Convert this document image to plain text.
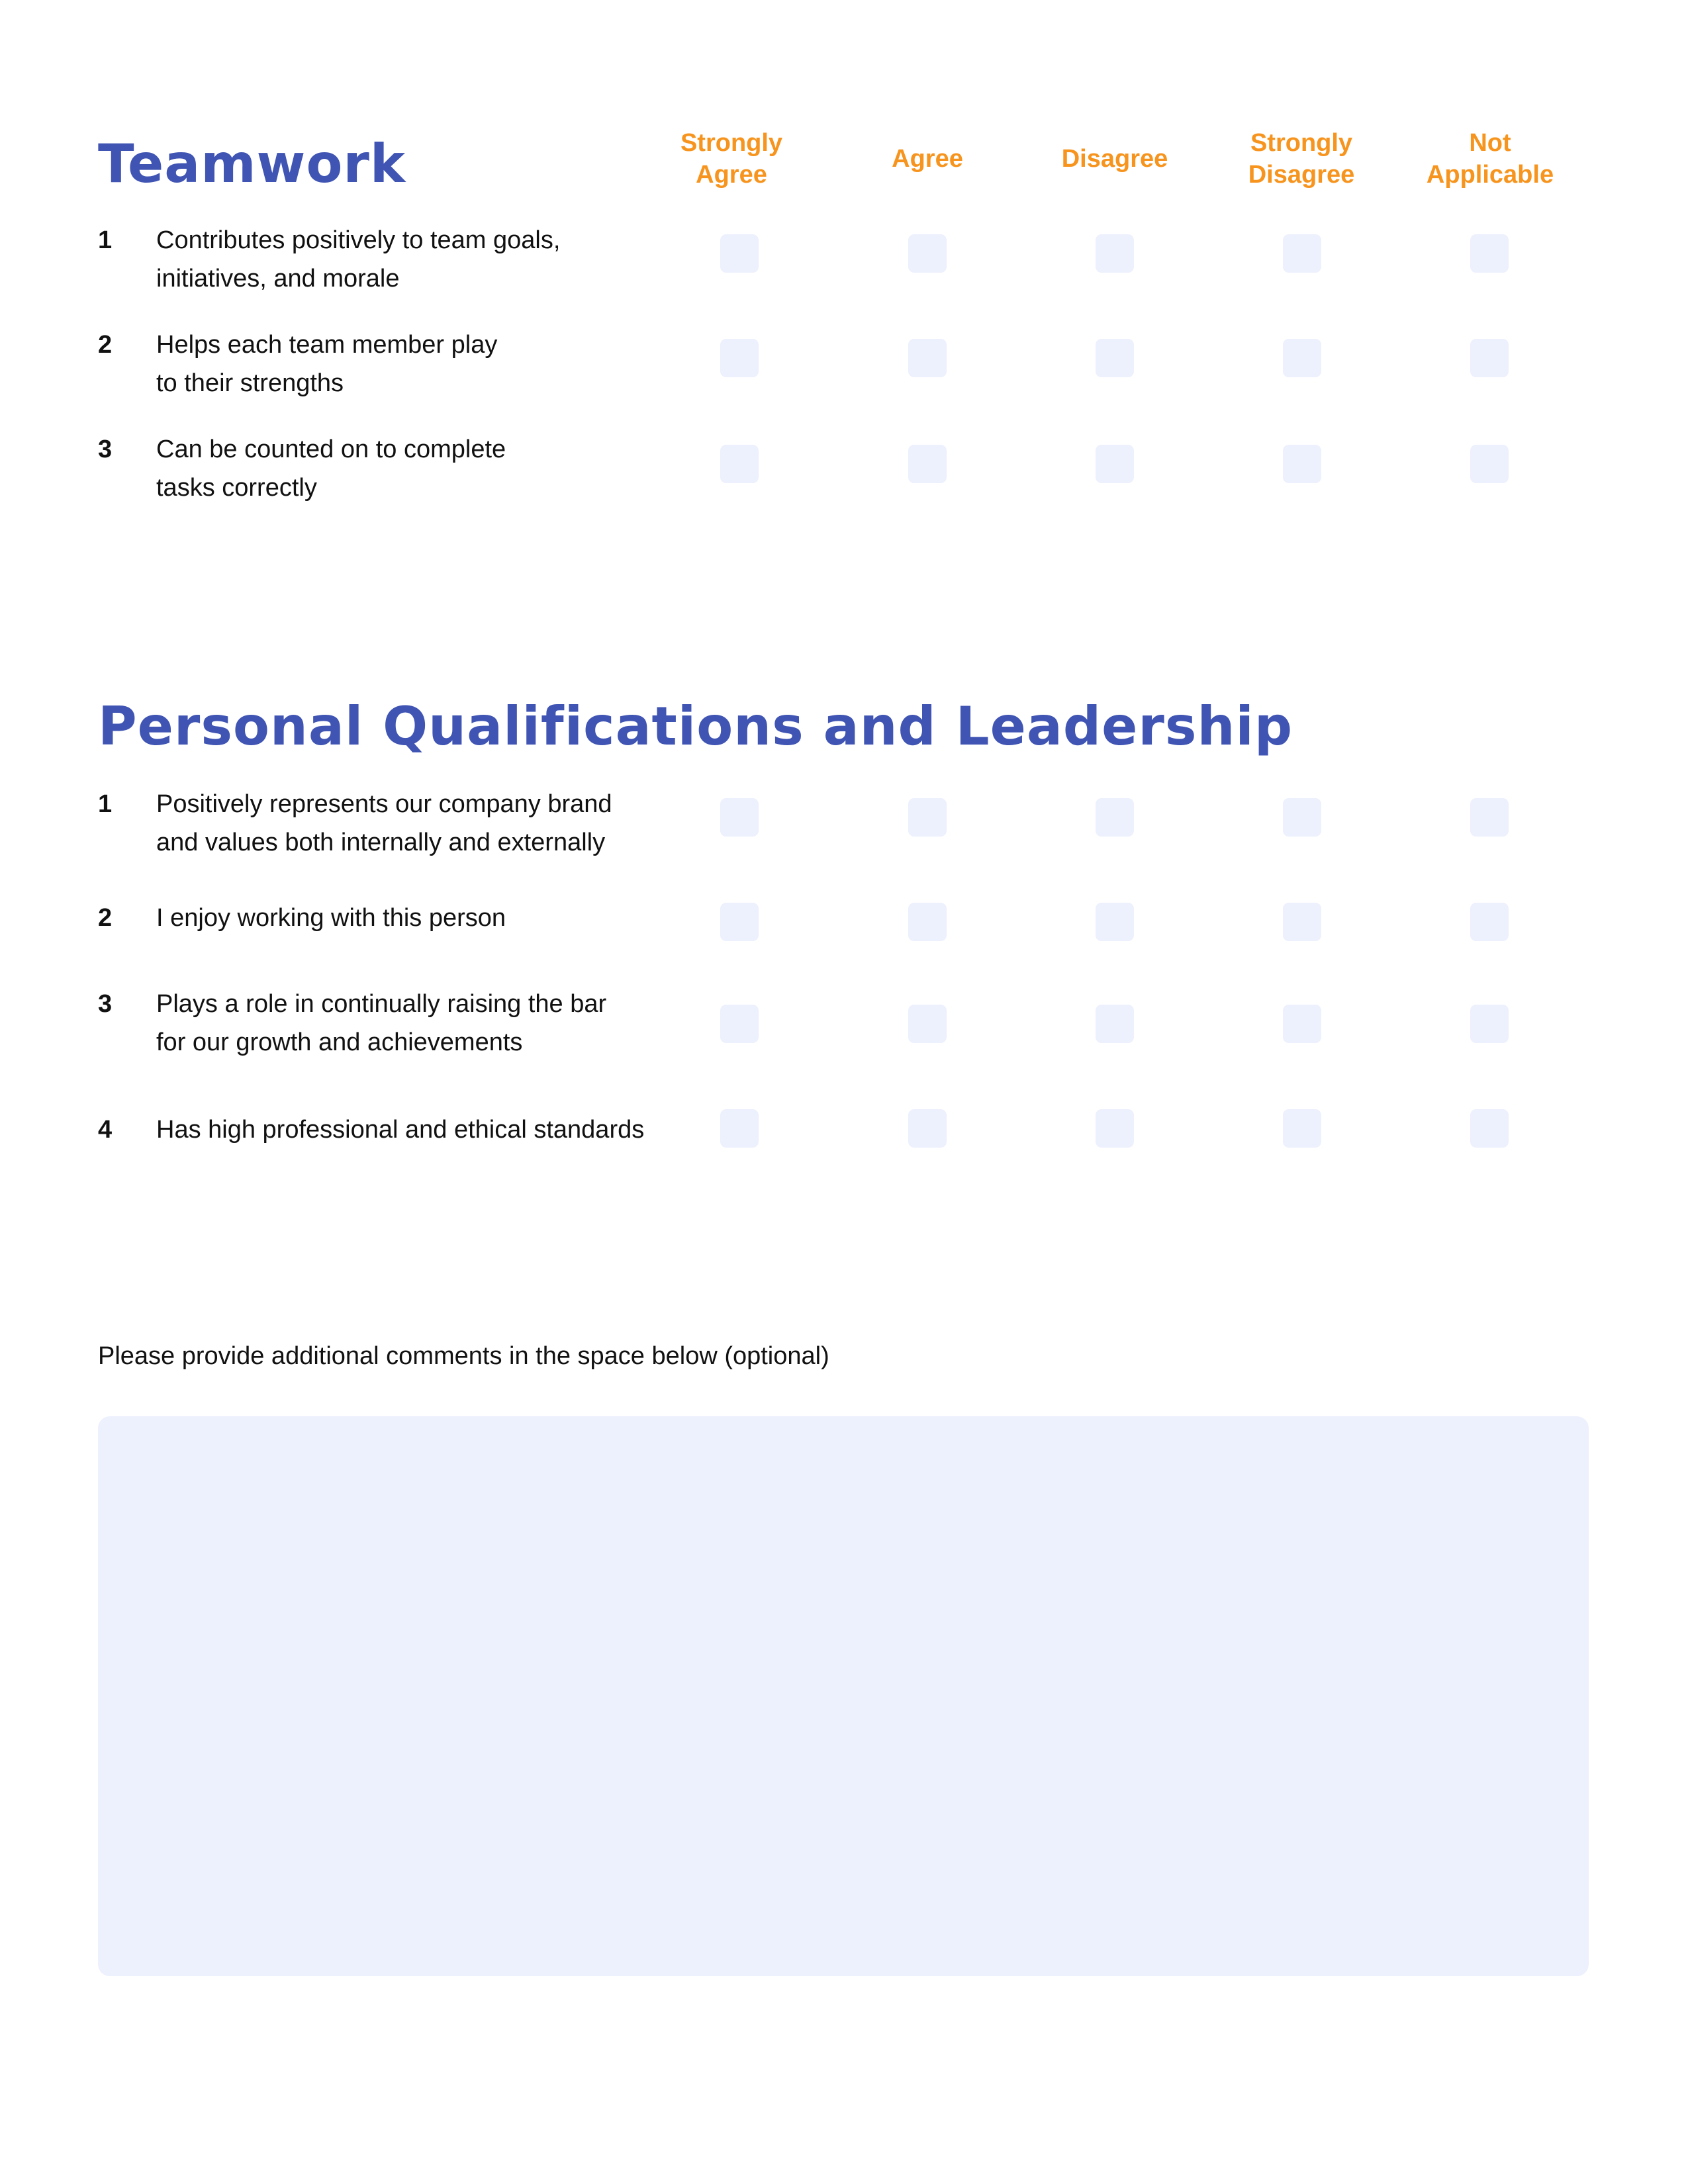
Strongly
Agree
Agree	Disagree
Strongly
Disagree
Not
Applicable
Teamwork
1 Contributes positively to team goals,
initiatives, and morale
2 Helps each team member play
to their strengths
3 Can be counted on to complete
tasks correctly
Personal Qualifications and Leadership
1 Positively represents our company brand
and values both internally and externally
2 I enjoy working with this person
3 Plays a role in continually raising the bar
for our growth and achievements
4 Has high professional and ethical standards
Please provide additional comments in the space below (optional)
